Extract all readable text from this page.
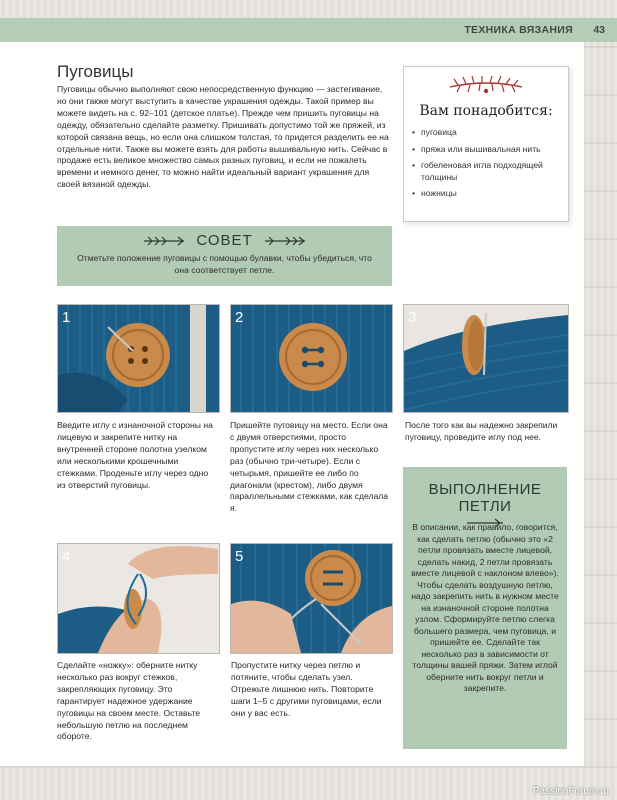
ТЕХНИКА ВЯЗАНИЯ 43
Пуговицы
Пуговицы обычно выполняют свою непосредственную функцию — застегивание, но они также могут выступить в качестве украшения одежды. Такой пример вы можете видеть на с. 92–101 (детское платье). Прежде чем пришить пуговицы на одежду, обязательно сделайте разметку. Пришивать допустимо той же пряжей, из которой связана вещь, но если она слишком толстая, то придется разделить ее на отдельные нити. Также вы можете взять для работы вышивальную нить. Сейчас в продаже есть великое множество самых разных пуговиц, и если не пожалеть времени и немного денег, то можно найти идеальный вариант украшения для своей вязаной одежды.
Вам понадобится:
• пуговица
• пряжа или вышивальная нить
• гобеленовая игла подходящей толщины
• ножницы
СОВЕТ
Отметьте положение пуговицы с помощью булавки, чтобы убедиться, что она соответствует петле.
1
Введите иглу с изнаночной стороны на лицевую и закрепите нитку на внутренней стороне полотна узелком или несколькими крошечными стежками. Проденьте иглу через одно из отверстий пуговицы.
2
Пришейте пуговицу на место. Если она с двумя отверстиями, просто пропустите иглу через них несколько раз (обычно три-четыре). Если с четырьмя, пришейте ее либо по диагонали (крестом), либо двумя параллельными стежками, как сделала я.
3
После того как вы надежно закрепили пуговицу, проведите иглу под нее.
4
Сделайте «ножку»: оберните нитку несколько раз вокруг стежков, закрепляющих пуговицу. Это гарантирует надежное удержание пуговицы на своем месте. Оставьте небольшую петлю на последнем обороте.
5
Пропустите нитку через петлю и потяните, чтобы сделать узел. Отрежьте лишнюю нить. Повторите шаги 1–5 с другими пуговицами, если они у вас есть.
ВЫПОЛНЕНИЕ ПЕТЛИ
В описании, как правило, говорится, как сделать петлю (обычно это «2 петли провязать вместе лицевой, сделать накид, 2 петли провязать вместе лицевой с наклоном влево»). Чтобы сделать воздушную петлю, надо закрепить нить в нужном месте на изнаночной стороне полотна узлом. Сформируйте петлю слегка большего размера, чем пуговица, и пришейте ее. Сделайте так несколько раз в зависимости от толщины вашей пряжи. Затем иглой оберните нить вокруг петли и закрепите.
PassionForum.ru
